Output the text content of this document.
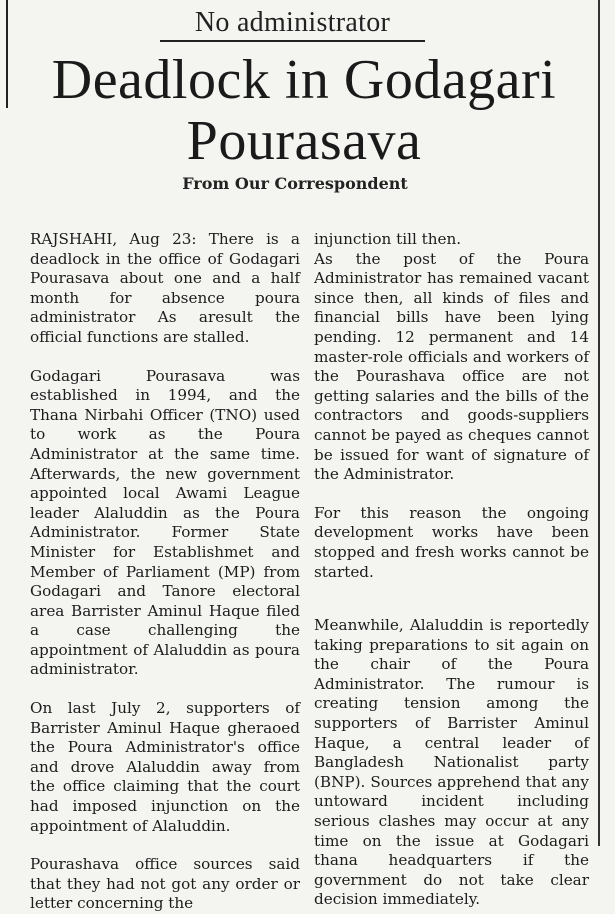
No administrator
Deadlock in Godagari
Pourasava
From Our Correspondent

RAJSHAHI, Aug 23: There is a deadlock in the office of Godagari Pourasava about one and a half month for absence poura administrator As aresult the official functions are stalled.

Godagari Pourasava was established in 1994, and the Thana Nirbahi Officer (TNO) used to work as the Poura Administrator at the same time. Afterwards, the new government appointed local Awami League leader Alaluddin as the Poura Administrator. Former State Minister for Establishmet and Member of Parliament (MP) from Godagari and Tanore electoral area Barrister Aminul Haque filed a case challenging the appointment of Alaluddin as poura administrator.

On last July 2, supporters of Barrister Aminul Haque gheraoed the Poura Administrator's office and drove Alaluddin away from the office claiming that the court had imposed injunction on the appointment of Alaluddin.

Pourashava office sources said that they had not got any order or letter concerning the

injunction till then.

As the post of the Poura Administrator has remained vacant since then, all kinds of files and financial bills have been lying pending. 12 permanent and 14 master-role officials and workers of the Pourashava office are not getting salaries and the bills of the contractors and goods-suppliers cannot be payed as cheques cannot be issued for want of signature of the Administrator.

For this reason the ongoing development works have been stopped and fresh works cannot be started.

Meanwhile, Alaluddin is reportedly taking preparations to sit again on the chair of the Poura Administrator. The rumour is creating tension among the supporters of Barrister Aminul Haque, a central leader of Bangladesh Nationalist party (BNP). Sources apprehend that any untoward incident including serious clashes may occur at any time on the issue at Godagari thana headquarters if the government do not take clear decision immediately.
